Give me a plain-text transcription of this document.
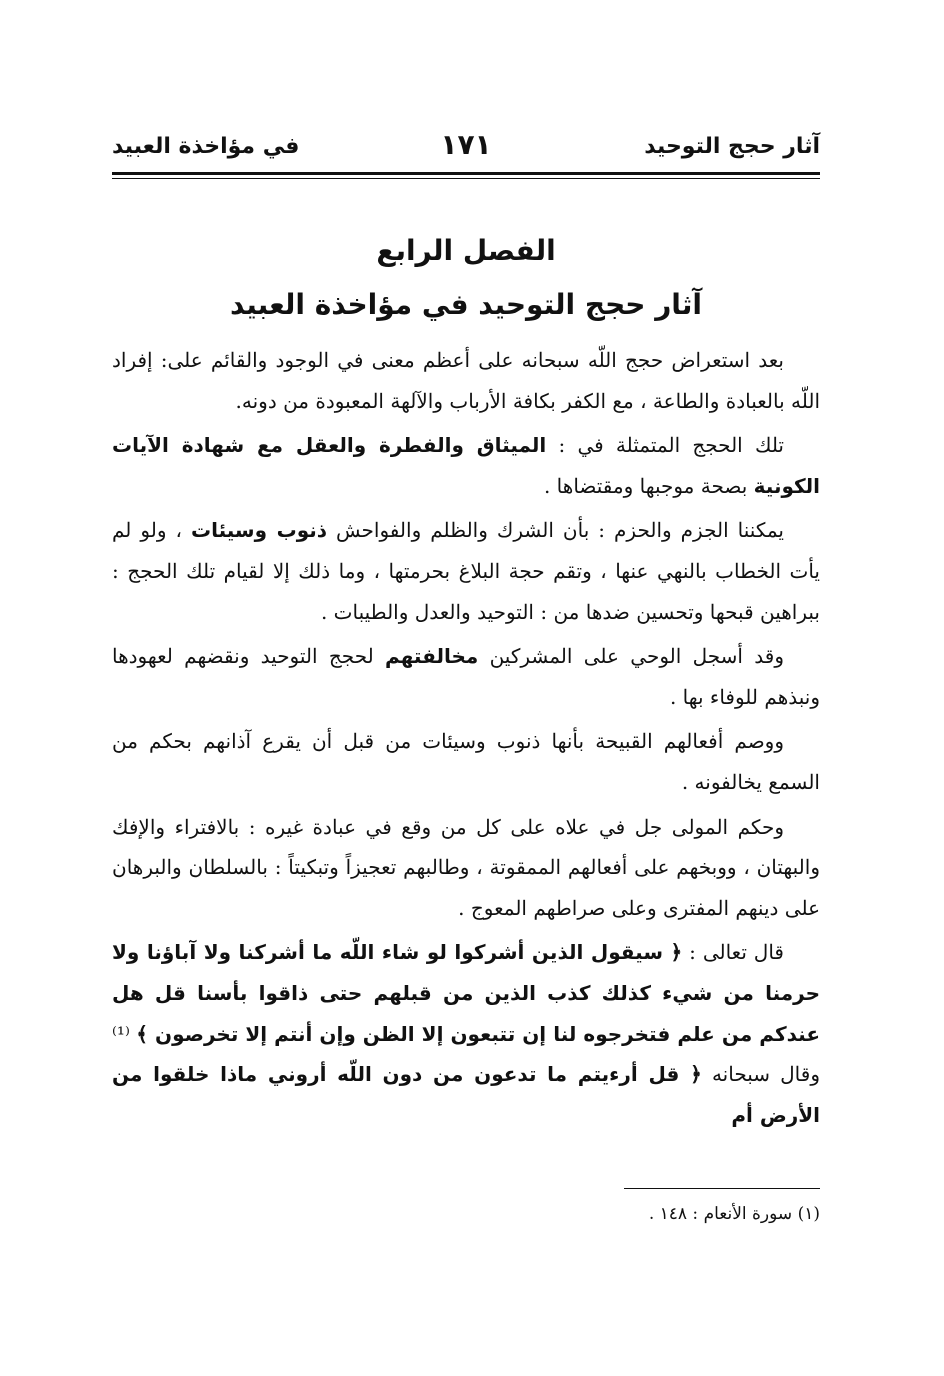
آثار حجج التوحيد
١٧١
في مؤاخذة العبيد
الفصل الرابع
آثار حجج التوحيد في مؤاخذة العبيد

بعد استعراض حجج اللّه سبحانه على أعظم معنى في الوجود والقائم على: إفراد اللّه بالعبادة والطاعة ، مع الكفر بكافة الأرباب والآلهة المعبودة من دونه.

تلك الحجج المتمثلة في : الميثاق والفطرة والعقل مع شهادة الآيات الكونية بصحة موجبها ومقتضاها .

يمكننا الجزم والحزم : بأن الشرك والظلم والفواحش ذنوب وسيئات ، ولو لم يأت الخطاب بالنهي عنها ، وتقم حجة البلاغ بحرمتها ، وما ذلك إلا لقيام تلك الحجج : ببراهين قبحها وتحسين ضدها من : التوحيد والعدل والطيبات .

وقد أسجل الوحي على المشركين مخالفتهم لحجج التوحيد ونقضهم لعهودها ونبذهم للوفاء بها .

ووصم أفعالهم القبيحة بأنها ذنوب وسيئات من قبل أن يقرع آذانهم بحكم من السمع يخالفونه .

وحكم المولى جل في علاه على كل من وقع في عبادة غيره : بالافتراء والإفك والبهتان ، ووبخهم على أفعالهم الممقوتة ، وطالبهم تعجيزاً وتبكيتاً : بالسلطان والبرهان على دينهم المفترى وعلى صراطهم المعوج .

قال تعالى : ﴿ سيقول الذين أشركوا لو شاء اللّه ما أشركنا ولا آباؤنا ولا حرمنا من شيء كذلك كذب الذين من قبلهم حتى ذاقوا بأسنا قل هل عندكم من علم فتخرجوه لنا إن تتبعون إلا الظن وإن أنتم إلا تخرصون ﴾ ⁽¹⁾ وقال سبحانه ﴿ قل أرءيتم ما تدعون من دون اللّه أروني ماذا خلقوا من الأرض أم

(١) سورة الأنعام : ١٤٨ .
